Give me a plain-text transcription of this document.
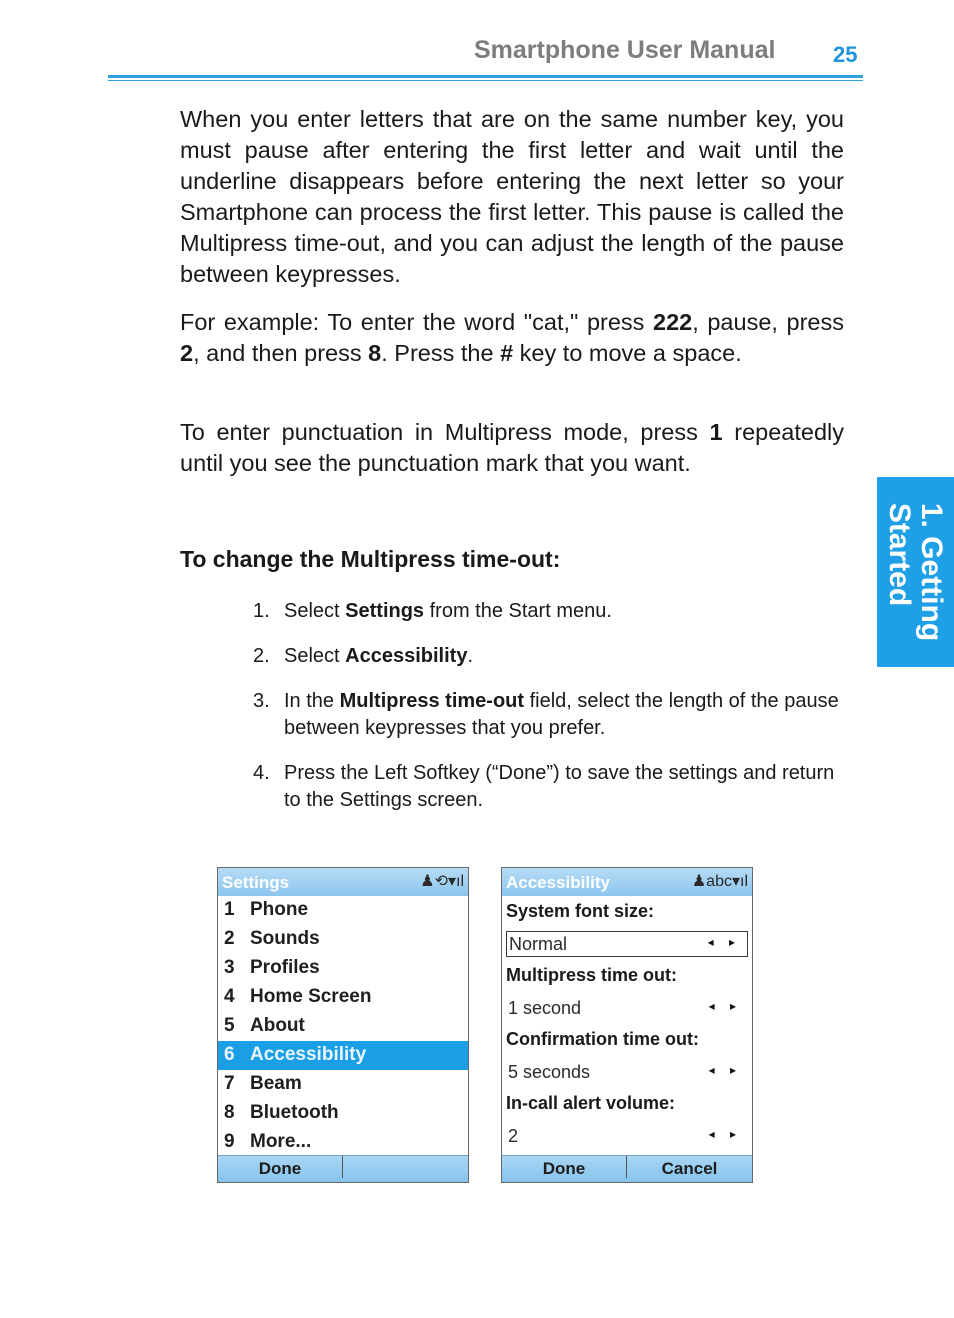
Smartphone User Manual	25
1. Getting
Started
When you enter letters that are on the same number key, you must pause after entering the first letter and wait until the underline disappears before entering the next letter so your Smartphone can process the first letter. This pause is called the Multipress time-out, and you can adjust the length of the pause between keypresses.
For example: To enter the word "cat," press 222, pause, press 2, and then press 8. Press the # key to move a space.
To enter punctuation in Multipress mode, press 1 repeatedly until you see the punctuation mark that you want.
To change the Multipress time-out:
1. Select Settings from the Start menu.
2. Select Accessibility.
3. In the Multipress time-out field, select the length of the pause between keypresses that you prefer.
4. Press the Left Softkey (“Done”) to save the settings and return to the Settings screen.
Settings	♟⟲▾ıl
1 Phone
2 Sounds
3 Profiles
4 Home Screen
5 About
6 Accessibility
7 Beam
8 Bluetooth
9 More...
Done
Accessibility	♟abc▾ıl
System font size:
Normal	◂ ▸
Multipress time out:
1 second	◂ ▸
Confirmation time out:
5 seconds	◂ ▸
In-call alert volume:
2	◂ ▸
Done	Cancel
